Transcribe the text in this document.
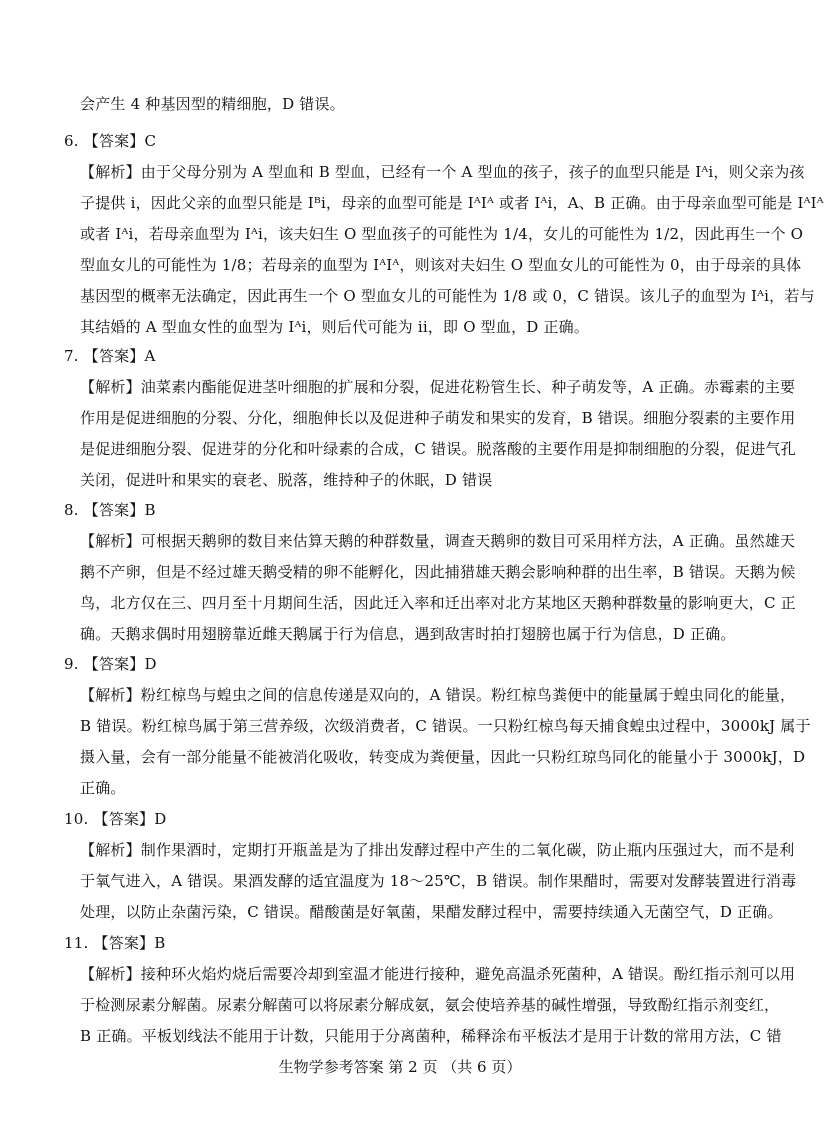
会产生 4 种基因型的精细胞，D 错误。
6. 【答案】C
【解析】由于父母分别为 A 型血和 B 型血，已经有一个 A 型血的孩子，孩子的血型只能是 Iᴬi，则父亲为孩
子提供 i，因此父亲的血型只能是 Iᴮi，母亲的血型可能是 IᴬIᴬ 或者 Iᴬi，A、B 正确。由于母亲血型可能是 IᴬIᴬ
或者 Iᴬi，若母亲血型为 Iᴬi，该夫妇生 O 型血孩子的可能性为 1/4，女儿的可能性为 1/2，因此再生一个 O
型血女儿的可能性为 1/8；若母亲的血型为 IᴬIᴬ，则该对夫妇生 O 型血女儿的可能性为 0，由于母亲的具体
基因型的概率无法确定，因此再生一个 O 型血女儿的可能性为 1/8 或 0，C 错误。该儿子的血型为 Iᴬi，若与
其结婚的 A 型血女性的血型为 Iᴬi，则后代可能为 ii，即 O 型血，D 正确。
7. 【答案】A
【解析】油菜素内酯能促进茎叶细胞的扩展和分裂，促进花粉管生长、种子萌发等，A 正确。赤霉素的主要
作用是促进细胞的分裂、分化，细胞伸长以及促进种子萌发和果实的发育，B 错误。细胞分裂素的主要作用
是促进细胞分裂、促进芽的分化和叶绿素的合成，C 错误。脱落酸的主要作用是抑制细胞的分裂，促进气孔
关闭，促进叶和果实的衰老、脱落，维持种子的休眠，D 错误
8. 【答案】B
【解析】可根据天鹅卵的数目来估算天鹅的种群数量，调查天鹅卵的数目可采用样方法，A 正确。虽然雄天
鹅不产卵，但是不经过雄天鹅受精的卵不能孵化，因此捕猎雄天鹅会影响种群的出生率，B 错误。天鹅为候
鸟，北方仅在三、四月至十月期间生活，因此迁入率和迁出率对北方某地区天鹅种群数量的影响更大，C 正
确。天鹅求偶时用翅膀靠近雌天鹅属于行为信息，遇到敌害时拍打翅膀也属于行为信息，D 正确。
9. 【答案】D
【解析】粉红椋鸟与蝗虫之间的信息传递是双向的，A 错误。粉红椋鸟粪便中的能量属于蝗虫同化的能量，
B 错误。粉红椋鸟属于第三营养级，次级消费者，C 错误。一只粉红椋鸟每天捕食蝗虫过程中，3000kJ 属于
摄入量，会有一部分能量不能被消化吸收，转变成为粪便量，因此一只粉红琼鸟同化的能量小于 3000kJ，D
正确。
10. 【答案】D
【解析】制作果酒时，定期打开瓶盖是为了排出发酵过程中产生的二氧化碳，防止瓶内压强过大，而不是利
于氧气进入，A 错误。果酒发酵的适宜温度为 18～25℃，B 错误。制作果醋时，需要对发酵装置进行消毒
处理，以防止杂菌污染，C 错误。醋酸菌是好氧菌，果醋发酵过程中，需要持续通入无菌空气，D 正确。
11. 【答案】B
【解析】接种环火焰灼烧后需要冷却到室温才能进行接种，避免高温杀死菌种，A 错误。酚红指示剂可以用
于检测尿素分解菌。尿素分解菌可以将尿素分解成氨，氨会使培养基的碱性增强，导致酚红指示剂变红，
B 正确。平板划线法不能用于计数，只能用于分离菌种，稀释涂布平板法才是用于计数的常用方法，C 错
生物学参考答案 第 2 页 （共 6 页）
